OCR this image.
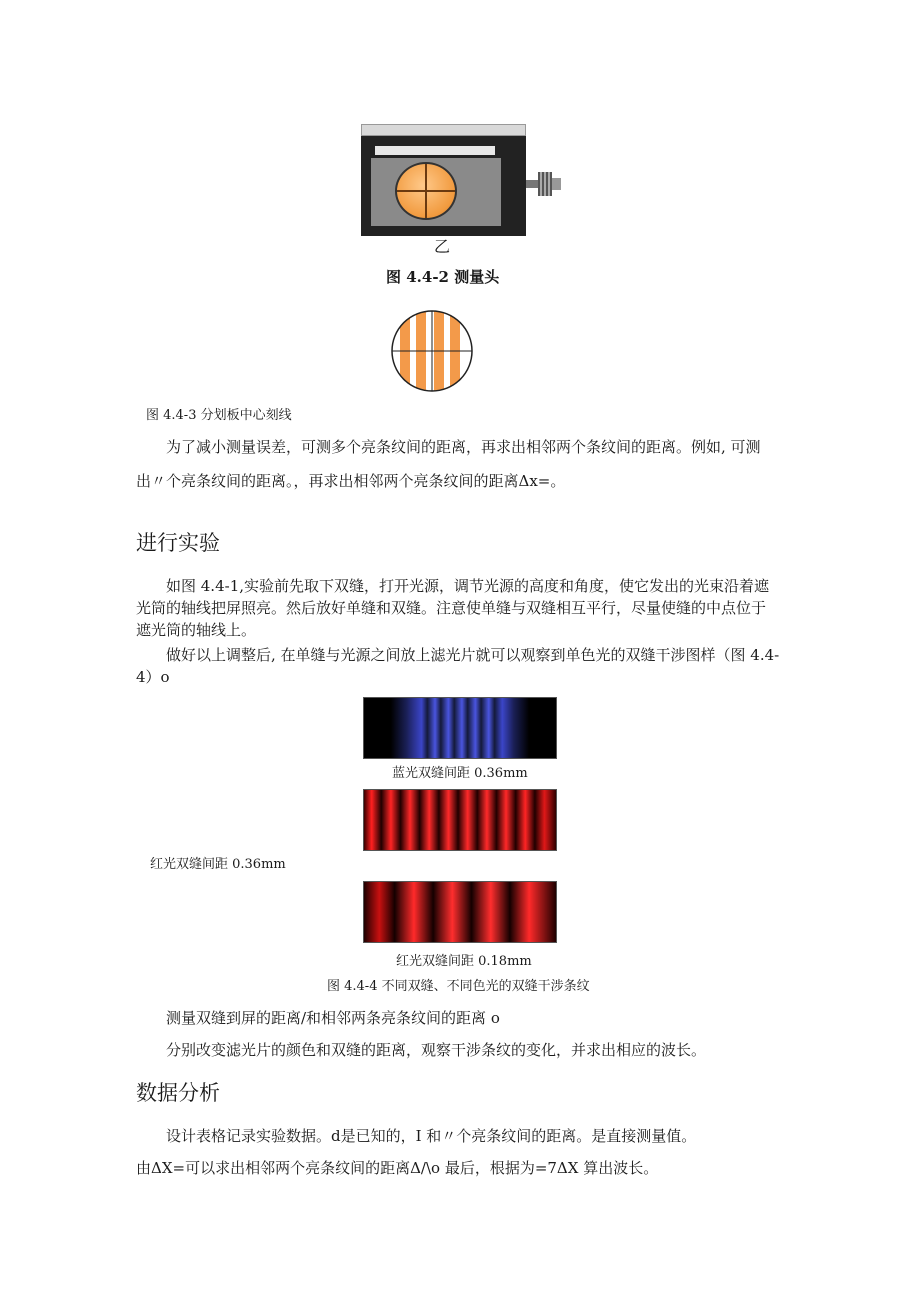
乙
图 4.4-2 测量头
图 4.4-3 分划板中心刻线
为了减小测量误差，可测多个亮条纹间的距离，再求出相邻两个条纹间的距离。例如, 可测
出〃个亮条纹间的距离。，再求出相邻两个亮条纹间的距离Δx=。
进行实验
如图 4.4-1,实验前先取下双缝，打开光源，调节光源的高度和角度，使它发出的光束沿着遮
光筒的轴线把屏照亮。然后放好单缝和双缝。注意使单缝与双缝相互平行，尽量使缝的中点位于
遮光筒的轴线上。
做好以上调整后, 在单缝与光源之间放上滤光片就可以观察到单色光的双缝干涉图样（图 4.4-
4）o
蓝光双缝间距 0.36mm
红光双缝间距 0.36mm
红光双缝间距 0.18mm
图 4.4-4 不同双缝、不同色光的双缝干涉条纹
测量双缝到屏的距离/和相邻两条亮条纹间的距离 o
分别改变滤光片的颜色和双缝的距离，观察干涉条纹的变化，并求出相应的波长。
数据分析
设计表格记录实验数据。d是已知的，I 和〃个亮条纹间的距离。是直接测量值。
由ΔX=可以求出相邻两个亮条纹间的距离Δ/\o 最后，根据为=7ΔX 算出波长。
